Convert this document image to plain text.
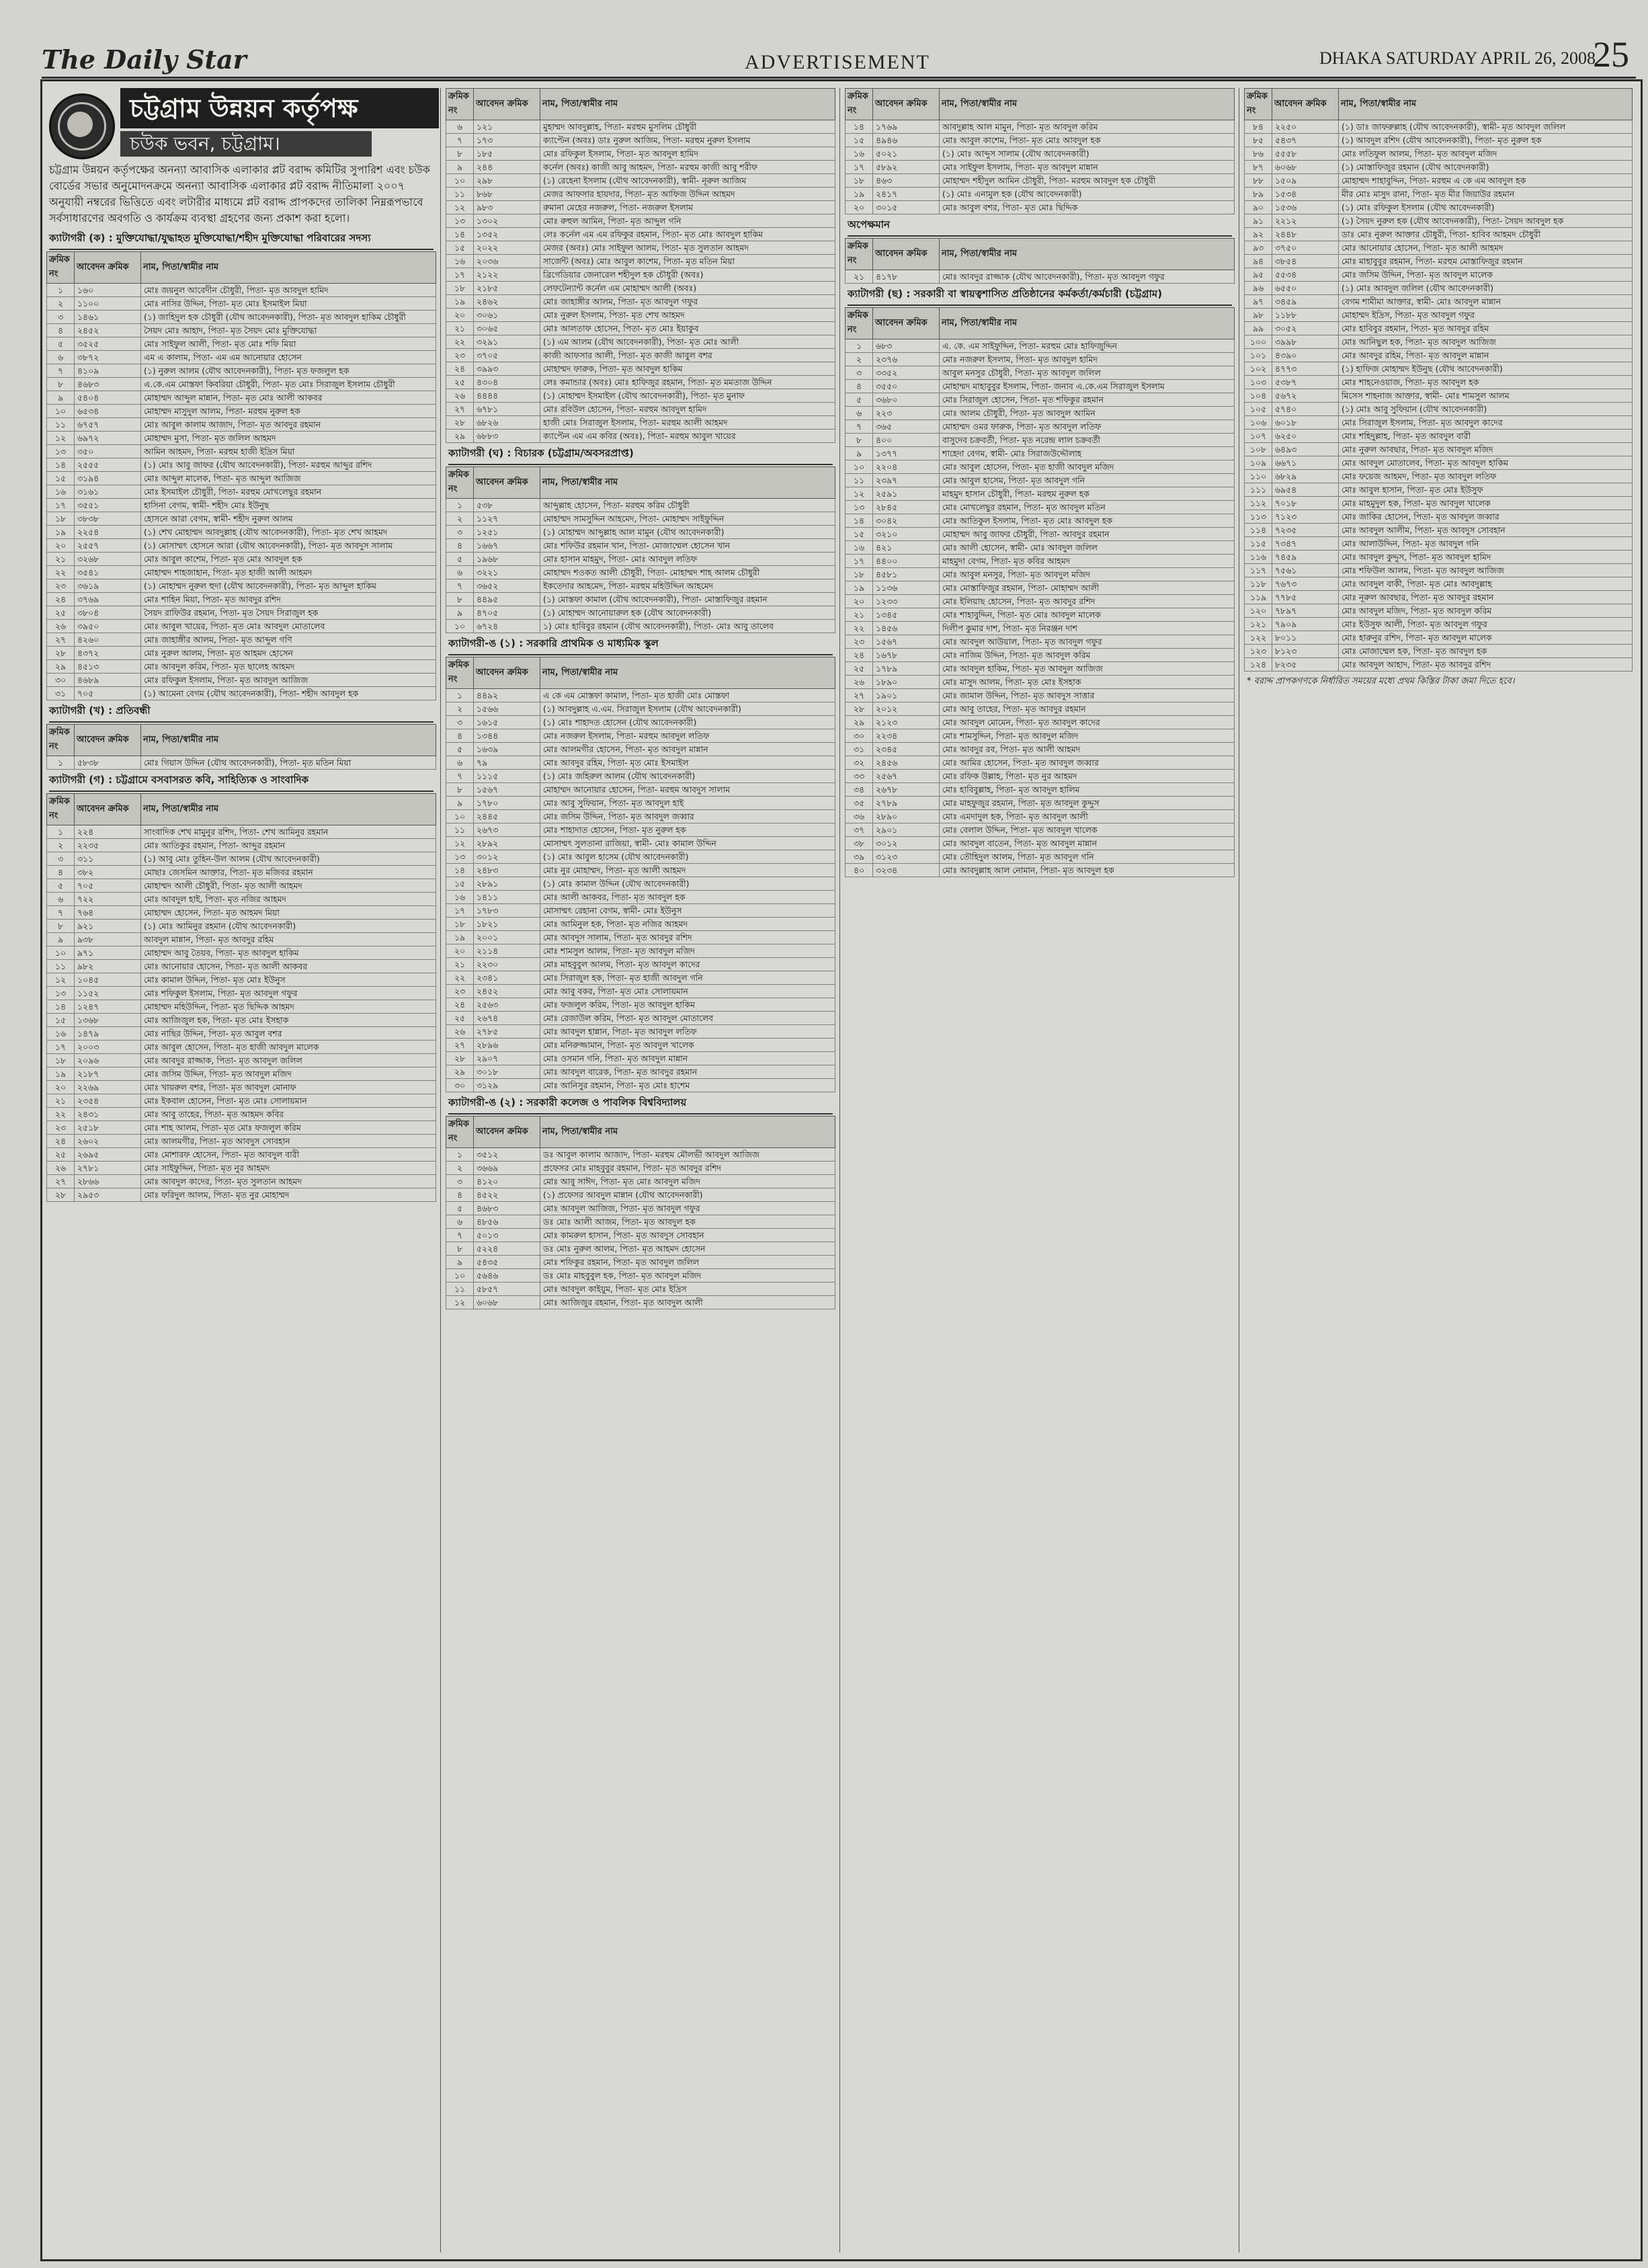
The Daily Star	ADVERTISEMENT	DHAKA SATURDAY APRIL 26, 2008
25
চট্টগ্রাম উন্নয়ন কর্তৃপক্ষ
চউক ভবন, চট্টগ্রাম।
চট্টগ্রাম উন্নয়ন কর্তৃপক্ষের অনন্যা আবাসিক এলাকার প্লট বরাদ্দ কমিটির সুপারিশ এবং চউক বোর্ডের সভার অনুমোদনক্রমে অনন্যা আবাসিক এলাকার প্লট বরাদ্দ নীতিমালা ২০০৭ অনুযায়ী নম্বরের ভিত্তিতে এবং লটারীর মাধ্যমে প্লট বরাদ্দ প্রাপকদের তালিকা নিম্নরূপভাবে সর্বসাধারণের অবগতি ও কার্যক্রম ব্যবস্থা গ্রহণের জন্য প্রকাশ করা হলো।
ক্যাটাগরী (ক) : মুক্তিযোদ্ধা/যুদ্ধাহত মুক্তিযোদ্ধা/শহীদ মুক্তিযোদ্ধা পরিবারের সদস্য
ক্রমিক নং	আবেদন ক্রমিক	নাম, পিতা/স্বামীর নাম
১	১৬০	মোঃ জয়নুল আবেদীন চৌধুরী, পিতা- মৃত আবদুল হামিদ
২	১১০০	মোঃ নাসির উদ্দিন, পিতা- মৃত মোঃ ইসমাইল মিয়া
৩	১৪৬১	(১) জাহিদুল হক চৌধুরী (যৌথ আবেদনকারী), পিতা- মৃত আবদুল হাকিম চৌধুরী
৪	২৪৫২	সৈয়দ মোঃ আহাদ, পিতা- মৃত সৈয়দ মোঃ মুক্তিযোদ্ধা
৫	৩৫২৫	মোঃ সাইফুল আলী, পিতা- মৃত মোঃ শফি মিয়া
৬	৩৮৭২	এম এ কালাম, পিতা- এম এম আনোয়ার হোসেন
৭	৪১০৯	(১) নুরুল আলম (যৌথ আবেদনকারী), পিতা- মৃত ফজলুল হক
৮	৪৬৮৩	এ.কে.এম মোস্তফা কিবরিয়া চৌধুরী, পিতা- মৃত মোঃ সিরাজুল ইসলাম চৌধুরী
৯	৫৪০৪	মোহাম্মদ আব্দুল মান্নান, পিতা- মৃত মোঃ আলী আকবর
১০	৬৫৩৪	মোহাম্মদ মাসুদুল আলম, পিতা- মরহুম নুরুল হক
১১	৬৭৫৭	মোঃ আবুল কালাম আজাদ, পিতা- মৃত আবদুর রহমান
১২	৬৯৭২	মোহাম্মদ মুসা, পিতা- মৃত জলিল আহমদ
১৩	৩৫০	আমিন আহমদ, পিতা- মরহুম হাজী ইদ্রিস মিয়া
১৪	২৫৫৫	(১) মোঃ আবু জাফর (যৌথ আবেদনকারী), পিতা- মরহুম আব্দুর রশিদ
১৫	৩১৯৪	মোঃ আব্দুল মালেক, পিতা- মৃত আব্দুল আজিজ
১৬	৩১৬১	মোঃ ইসমাইল চৌধুরী, পিতা- মরহুম মোখলেছুর রহমান
১৭	৩৫৫১	হাসিনা বেগম, স্বামী- শহীদ মোঃ ইউনুছ
১৮	৩৮৩৮	হোসনে আরা বেগম, স্বামী- শহীদ নুরুল আলম
১৯	২২৫৪	(১) শেখ মোহাম্মদ আবদুল্লাহ (যৌথ আবেদনকারী), পিতা- মৃত শেখ আহমদ
২০	২৫৫৭	(১) মোসাম্মৎ হোসনে আরা (যৌথ আবেদনকারী), পিতা- মৃত আবদুস সালাম
২১	৩২৬৮	মোঃ আবুল কাশেম, পিতা- মৃত মোঃ আবদুল হক
২২	৩৫৪১	মোহাম্মদ শাহজাহান, পিতা- মৃত হাজী আলী আহমদ
২৩	৩৬১৯	(১) মোহাম্মদ নুরুল হুদা (যৌথ আবেদনকারী), পিতা- মৃত আব্দুল হাকিম
২৪	৩৭৬৯	মোঃ শাহিন মিয়া, পিতা- মৃত আবদুর রশিদ
২৫	৩৮০৪	সৈয়দ রাফিউর রহমান, পিতা- মৃত সৈয়দ সিরাজুল হক
২৬	৩৯৫০	মোঃ আবুল খায়ের, পিতা- মৃত মোঃ আবদুল মোতালেব
২৭	৪২৬০	মোঃ জাহাঙ্গীর আলম, পিতা- মৃত আব্দুল গণি
২৮	৪৩৭২	মোঃ নুরুল আলম, পিতা- মৃত আহমদ হোসেন
২৯	৪৫১৩	মোঃ আবদুল করিম, পিতা- মৃত ছালেহ আহমদ
৩০	৪৬৮৯	মোঃ রফিকুল ইসলাম, পিতা- মৃত আবদুল আজিজ
৩১	৭০৫	(১) আমেনা বেগম (যৌথ আবেদনকারী), পিতা- শহীদ আবদুল হক
ক্যাটাগরী (খ) : প্রতিবন্ধী
ক্রমিক নং	আবেদন ক্রমিক	নাম, পিতা/স্বামীর নাম
১	৫৮৩৮	মোঃ গিয়াস উদ্দিন (যৌথ আবেদনকারী), পিতা- মৃত মতিন মিয়া
ক্যাটাগরী (গ) : চট্টগ্রামে বসবাসরত কবি, সাহিত্যিক ও সাংবাদিক
ক্রমিক নং	আবেদন ক্রমিক	নাম, পিতা/স্বামীর নাম
১	২২৪	সাংবাদিক শেখ মামুনুর রশিদ, পিতা- শেখ আমিনুর রহমান
২	২২৩৫	মোঃ আতিকুর রহমান, পিতা- আব্দুর রহমান
৩	৩১১	(১) আবু মোঃ তুহিন-উল আলম (যৌথ আবেদনকারী)
৪	৩৮২	মোছাঃ জেসমিন আক্তার, পিতা- মৃত মজিবর রহমান
৫	৭০৫	মোহাম্মদ আলী চৌধুরী, পিতা- মৃত আলী আহমদ
৬	৭২২	মোঃ আবদুল হাই, পিতা- মৃত নজির আহমদ
৭	৭৬৪	মোহাম্মদ হোসেন, পিতা- মৃত আহমদ মিয়া
৮	৯২১	(১) মোঃ আমিনুর রহমান (যৌথ আবেদনকারী)
৯	৯৩৮	আবদুল মান্নান, পিতা- মৃত আবদুর রহিম
১০	৯৭১	মোহাম্মদ আবু তৈয়ব, পিতা- মৃত আবদুল হাকিম
১১	৯৮২	মোঃ আনোয়ার হোসেন, পিতা- মৃত আলী আকবর
১২	১০৪৫	মোঃ কামাল উদ্দিন, পিতা- মৃত মোঃ ইউনুস
১৩	১১৫২	মোঃ শফিকুল ইসলাম, পিতা- মৃত আবদুল গফুর
১৪	১২৪৭	মোহাম্মদ মহিউদ্দিন, পিতা- মৃত ছিদ্দিক আহমদ
১৫	১৩৬৮	মোঃ আজিজুল হক, পিতা- মৃত মোঃ ইসহাক
১৬	১৪৭৯	মোঃ নাছির উদ্দিন, পিতা- মৃত আবুল বশর
১৭	২০০৩	মোঃ আবুল হোসেন, পিতা- মৃত হাজী আবদুল মালেক
১৮	২০৯৬	মোঃ আবদুর রাজ্জাক, পিতা- মৃত আবদুল জলিল
১৯	২১৮৭	মোঃ জসিম উদ্দিন, পিতা- মৃত আবদুল মজিদ
২০	২২৬৯	মোঃ খায়রুল বশর, পিতা- মৃত আবদুল মোনাফ
২১	২৩৫৪	মোঃ ইকবাল হোসেন, পিতা- মৃত মোঃ সোলায়মান
২২	২৪৩১	মোঃ আবু তাহের, পিতা- মৃত আহমদ কবির
২৩	২৫১৮	মোঃ শাহ আলম, পিতা- মৃত মোঃ ফজলুল করিম
২৪	২৬০২	মোঃ আলমগীর, পিতা- মৃত আবদুস সোবহান
২৫	২৬৯৫	মোঃ মোশারফ হোসেন, পিতা- মৃত আবদুল বারী
২৬	২৭৮১	মোঃ সাইফুদ্দিন, পিতা- মৃত নুর আহমদ
২৭	২৮৬৬	মোঃ আবদুল কাদের, পিতা- মৃত সুলতান আহমদ
২৮	২৯৫৩	মোঃ ফরিদুল আলম, পিতা- মৃত নুর মোহাম্মদ
ক্রমিক নং	আবেদন ক্রমিক	নাম, পিতা/স্বামীর নাম
৬	১২১	মুহাম্মদ আবদুল্লাহ, পিতা- মরহুম মুসলিম চৌধুরী
৭	১৭৩	ক্যাপ্টেন (অবঃ) ডাঃ নুরুল আজিম, পিতা- মরহুম নুরুল ইসলাম
৮	১৮৫	মোঃ রফিকুল ইসলাম, পিতা- মৃত আবদুল হামিদ
৯	২৪৪	কর্নেল (অবঃ) কাজী আবু আহমদ, পিতা- মরহুম কাজী আবু শরীফ
১০	২৯৮	(১) রেহেনা ইসলাম (যৌথ আবেদনকারী), স্বামী- নূরুল আজিম
১১	৮৬৮	মেজর আফসার হায়দার, পিতা- মৃত আফিজ উদ্দিন আহমদ
১২	৯৮৩	রুমানা মেহের নজরুল, পিতা- নজরুল ইসলাম
১৩	১৩০২	মোঃ রুহুল আমিন, পিতা- মৃত আব্দুল গনি
১৪	১৩৫২	লেঃ কর্নেল এম এম রফিকুর রহমান, পিতা- মৃত মোঃ আবদুল হাকিম
১৫	২০২২	মেজর (অবঃ) মোঃ সাইফুল আলম, পিতা- মৃত সুলতান আহমদ
১৬	২০৩৬	সার্জেন্ট (অবঃ) মোঃ আবুল কাশেম, পিতা- মৃত মতিন মিয়া
১৭	২১২২	ব্রিগেডিয়ার জেনারেল শহীদুল হক চৌধুরী (অবঃ)
১৮	২১৮৫	লেফটেন্যান্ট কর্নেল এম মোহাম্মদ আলী (অবঃ)
১৯	২৪৬২	মোঃ জাহাঙ্গীর আলম, পিতা- মৃত আবদুল গফুর
২০	৩০৬১	মোঃ নুরুল ইসলাম, পিতা- মৃত শেখ আহমদ
২১	৩০৬৫	মোঃ আলতাফ হোসেন, পিতা- মৃত মোঃ ইয়াকুব
২২	৩২৯১	(১) এম আলম (যৌথ আবেদনকারী), পিতা- মৃত মোঃ আলী
২৩	৩৭০৫	কাজী আফসার আলী, পিতা- মৃত কাজী আবুল বশর
২৪	৩৯৯৩	মোহাম্মদ ফারুক, পিতা- মৃত আবদুল হাকিম
২৫	৪৩০৪	লেঃ কমান্ডার (অবঃ) মোঃ হাফিজুর রহমান, পিতা- মৃত মমতাজ উদ্দিন
২৬	৪৪৪৪	(১) মোহাম্মদ ইসমাইল (যৌথ আবেদনকারী), পিতা- মৃত মুনাফ
২৭	৬৭৮১	মোঃ রবিউল হোসেন, পিতা- মরহুম আবদুল হামিদ
২৮	৬৮২৬	হাজী মোঃ সিরাজুল ইসলাম, পিতা- মরহুম আলী আহমদ
২৯	৬৮৮৩	ক্যাপ্টেন এম এম কবির (অবঃ), পিতা- মরহুম আবুল খায়ের
ক্যাটাগরী (ঘ) : বিচারক (চট্টগ্রাম/অবসরপ্রাপ্ত)
ক্রমিক নং	আবেদন ক্রমিক	নাম, পিতা/স্বামীর নাম
১	৫৩৮	আব্দুল্লাহ হোসেন, পিতা- মরহুম করিম চৌধুরী
২	১১২৭	মোহাম্মদ সামসুদ্দিন আহমেদ, পিতা- মোহাম্মদ সাইফুদ্দিন
৩	১২৫১	(১) মোহাম্মদ আব্দুল্লাহ আল মামুন (যৌথ আবেদনকারী)
৪	১৬৬৭	মোঃ শফিউর রহমান খান, পিতা- মোজাম্মেল হোসেন খান
৫	১৯৬৮	মোঃ হাসান মাহমুদ, পিতা- মোঃ আবদুল লতিফ
৬	৩২২১	মোহাম্মদ শওকত আলী চৌধুরী, পিতা- মোহাম্মদ শাহ আলম চৌধুরী
৭	৩৬৫২	ইকতেদার আহমেদ, পিতা- মরহুম মহিউদ্দিন আহমেদ
৮	৪৪৯৫	(১) মোস্তফা কামাল (যৌথ আবেদনকারী), পিতা- মোস্তাফিজুর রহমান
৯	৪৭০৫	(১) মোহাম্মদ আনোয়ারুল হক (যৌথ আবেদনকারী)
১০	৬৭২৪	১) মোঃ হাবিবুর রহমান (যৌথ আবেদনকারী), পিতা- মোঃ আবু তালেব
ক্যাটাগরী-ঙ (১) : সরকারি প্রাথমিক ও মাধ্যমিক স্কুল
ক্রমিক নং	আবেদন ক্রমিক	নাম, পিতা/স্বামীর নাম
১	৪৪৯২	এ কে এম মোস্তফা কামাল, পিতা- মৃত হাজী মোঃ মোস্তফা
২	১৫৬৬	(১) আবদুল্লাহ এ.এম. সিরাজুল ইসলাম (যৌথ আবেদনকারী)
৩	১৬১৫	(১) মোঃ শাহাদত হোসেন (যৌথ আবেদনকারী)
৪	১৩৪৪	মোঃ নজরুল ইসলাম, পিতা- মরহুম আবদুল লতিফ
৫	১৬৩৯	মোঃ আলমগীর হোসেন, পিতা- মৃত আবদুল মান্নান
৬	৭৯	মোঃ আবদুর রহিম, পিতা- মৃত মোঃ ইসমাইল
৭	১১১৫	(১) মোঃ জহিরুল আলম (যৌথ আবেদনকারী)
৮	১৫৬৭	মোহাম্মদ আনোয়ার হোসেন, পিতা- মরহুম আবদুস সালাম
৯	১৭৮০	মোঃ আবু সুফিয়ান, পিতা- মৃত আবদুল হাই
১০	২৪৪৫	মোঃ জসিম উদ্দিন, পিতা- মৃত আবদুল জব্বার
১১	২৬৭৩	মোঃ শাহাদাত হোসেন, পিতা- মৃত নুরুল হক
১২	২৮৯২	মোসাম্মৎ সুলতানা রাজিয়া, স্বামী- মোঃ কামাল উদ্দিন
১৩	৩০১২	(১) মোঃ আবুল হাসেম (যৌথ আবেদনকারী)
১৪	২৪৮৩	মোঃ নুর মোহাম্মদ, পিতা- মৃত আলী আহমদ
১৫	২৮৯১	(১) মোঃ কামাল উদ্দিন (যৌথ আবেদনকারী)
১৬	১৪১১	মোঃ আলী আকবর, পিতা- মৃত আবদুল হক
১৭	১৭৮৩	মোসাম্মৎ রেহানা বেগম, স্বামী- মোঃ ইউনুস
১৮	১৮২১	মোঃ আমিনুল হক, পিতা- মৃত নজির আহমদ
১৯	২০০১	মোঃ আবদুস সালাম, পিতা- মৃত আবদুর রশিদ
২০	২১১৪	মোঃ শামসুল আলম, পিতা- মৃত আবদুল মজিদ
২১	২২৩০	মোঃ মাহবুবুল আলম, পিতা- মৃত আবদুল কাদের
২২	২৩৪১	মোঃ সিরাজুল হক, পিতা- মৃত হাজী আবদুল গনি
২৩	২৪৫২	মোঃ আবু বকর, পিতা- মৃত মোঃ সোলায়মান
২৪	২৫৬৩	মোঃ ফজলুল করিম, পিতা- মৃত আবদুল হাকিম
২৫	২৬৭৪	মোঃ রেজাউল করিম, পিতা- মৃত আবদুল মোতালেব
২৬	২৭৮৫	মোঃ আবদুল হান্নান, পিতা- মৃত আবদুল লতিফ
২৭	২৮৯৬	মোঃ মনিরুজ্জামান, পিতা- মৃত আবদুল খালেক
২৮	২৯০৭	মোঃ ওসমান গনি, পিতা- মৃত আবদুল মান্নান
২৯	৩০১৮	মোঃ আবদুল বারেক, পিতা- মৃত আবদুর রহমান
৩০	৩১২৯	মোঃ আনিসুর রহমান, পিতা- মৃত মোঃ হাশেম
ক্যাটাগরী-ঙ (২) : সরকারী কলেজ ও পাবলিক বিশ্ববিদ্যালয়
ক্রমিক নং	আবেদন ক্রমিক	নাম, পিতা/স্বামীর নাম
১	৩৫১২	ডঃ আবুল কালাম আজাদ, পিতা- মরহুম মৌলভী আবদুল আজিজ
২	৩৬৬৯	প্রফেসর মোঃ মাহবুবুর রহমান, পিতা- মৃত আবদুর রশিদ
৩	৪১২০	মোঃ আবু সাঈদ, পিতা- মৃত মোঃ আবদুল মজিদ
৪	৪৫২২	(১) প্রফেসর আবদুল মান্নান (যৌথ আবেদনকারী)
৫	৪৬৮৩	মোঃ আবদুল আজিজ, পিতা- মৃত আবদুল গফুর
৬	৪৮৫৬	ডঃ মোঃ আলী আজম, পিতা- মৃত আবদুল হক
৭	৫০১৩	মোঃ কামরুল হাসান, পিতা- মৃত আবদুস সোবহান
৮	৫২২৪	ডঃ মোঃ নুরুল আলম, পিতা- মৃত আহমদ হোসেন
৯	৫৪৩৫	মোঃ শফিকুর রহমান, পিতা- মৃত আবদুল জলিল
১০	৫৬৪৬	ডঃ মোঃ মাহবুবুল হক, পিতা- মৃত আবদুল মজিদ
১১	৫৮৫৭	মোঃ আবদুল কাইয়ুম, পিতা- মৃত মোঃ ইদ্রিস
১২	৬০৬৮	মোঃ আজিজুর রহমান, পিতা- মৃত আবদুল আলী
ক্রমিক নং	আবেদন ক্রমিক	নাম, পিতা/স্বামীর নাম
১৪	১৭৬৯	আবদুল্লাহ আল মামুন, পিতা- মৃত আবদুল করিম
১৫	৪৯৪৬	মোঃ আবুল কাশেম, পিতা- মৃত মোঃ আবদুল হক
১৬	৫০২১	(১) মোঃ আব্দুস সালাম (যৌথ আবেদনকারী)
১৭	৫৮৯২	মোঃ সাইফুল ইসলাম, পিতা- মৃত আবদুল মান্নান
১৮	৪৬৩	মোহাম্মদ শহীদুল আমিন চৌধুরী, পিতা- মরহুম আবদুল হক চৌধুরী
১৯	২৪১৭	(১) মোঃ এনামুল হক (যৌথ আবেদনকারী)
২০	৩০১৫	মোঃ আবুল বশর, পিতা- মৃত মোঃ ছিদ্দিক
অপেক্ষমান
ক্রমিক নং	আবেদন ক্রমিক	নাম, পিতা/স্বামীর নাম
২১	৪১৭৮	মোঃ আবদুর রাজ্জাক (যৌথ আবেদনকারী), পিতা- মৃত আবদুল গফুর
ক্যাটাগরী (ছ) : সরকারী বা স্বায়ত্বশাসিত প্রতিষ্ঠানের কর্মকর্তা/কর্মচারী (চট্টগ্রাম)
ক্রমিক নং	আবেদন ক্রমিক	নাম, পিতা/স্বামীর নাম
১	৬৮৩	এ. কে. এম সাইফুদ্দিন, পিতা- মরহুম মোঃ হাফিজুদ্দিন
২	২৩৭৬	মোঃ নজরুল ইসলাম, পিতা- মৃত আবদুল হামিদ
৩	৩৩৫২	আবুল মনসুর চৌধুরী, পিতা- মৃত আবদুল জলিল
৪	৩৫৫০	মোহাম্মদ মাহাবুবুর ইসলাম, পিতা- জনাব এ.কে.এম সিরাজুল ইসলাম
৫	৩৬৮০	মোঃ সিরাজুল হোসেন, পিতা- মৃত শফিকুর রহমান
৬	২২৩	মোঃ আলম চৌধুরী, পিতা- মৃত আবদুল আমিন
৭	৩৬৫	মোহাম্মদ ওমর ফারুক, পিতা- মৃত আবদুল লতিফ
৮	৪০০	বাসুদেব চক্রবর্তী, পিতা- মৃত নরেন্দ্র লাল চক্রবর্তী
৯	১৩৭৭	শাহেদা বেগম, স্বামী- মোঃ সিরাজউদ্দৌলাহ
১০	২২০৪	মোঃ আবুল হোসেন, পিতা- মৃত হাজী আবদুল মজিদ
১১	২৩৯৭	মোঃ আবুল হাসেম, পিতা- মৃত আবদুল গনি
১২	২৫৯১	মাহমুদ হাসান চৌধুরী, পিতা- মরহুম নুরুল হক
১৩	২৮৪৫	মোঃ মোখলেছুর রহমান, পিতা- মৃত আবদুল মতিন
১৪	৩০৪২	মোঃ আতিকুল ইসলাম, পিতা- মৃত মোঃ আবদুল হক
১৫	৩২১০	মোহাম্মদ আবু জাফর চৌধুরী, পিতা- আবদুর রহমান
১৬	৪২১	মোঃ আলী হোসেন, স্বামী- মোঃ আবদুল জলিল
১৭	৪৪০০	মাহমুদা বেগম, পিতা- মৃত কবির আহমদ
১৮	৪৫৮১	মোঃ আবুল মনসুর, পিতা- মৃত আবদুল মজিদ
১৯	১১৩৬	মোঃ মোস্তাফিজুর রহমান, পিতা- মোহাম্মদ আলী
২০	১২৩৩	মোঃ ইলিয়াছ হোসেন, পিতা- মৃত আবদুর রশিদ
২১	১৩৪৫	মোঃ শাহাবুদ্দিন, পিতা- মৃত মোঃ আবদুল মালেক
২২	১৪৫৬	দিলীপ কুমার দাশ, পিতা- মৃত নিরঞ্জন দাশ
২৩	১৫৬৭	মোঃ আবদুল আউয়াল, পিতা- মৃত আবদুল গফুর
২৪	১৬৭৮	মোঃ নাজিম উদ্দিন, পিতা- মৃত আবদুল করিম
২৫	১৭৮৯	মোঃ আবদুল হাকিম, পিতা- মৃত আবদুল আজিজ
২৬	১৮৯০	মোঃ মাসুদ আলম, পিতা- মৃত মোঃ ইসহাক
২৭	১৯০১	মোঃ জামাল উদ্দিন, পিতা- মৃত আবদুস সাত্তার
২৮	২০১২	মোঃ আবু তাহের, পিতা- মৃত আবদুর রহমান
২৯	২১২৩	মোঃ আবদুল মোমেন, পিতা- মৃত আবদুল কাদের
৩০	২২৩৪	মোঃ শামসুদ্দিন, পিতা- মৃত আবদুল মজিদ
৩১	২৩৪৫	মোঃ আবদুর রব, পিতা- মৃত আলী আহমদ
৩২	২৪৫৬	মোঃ আমির হোসেন, পিতা- মৃত আবদুল জব্বার
৩৩	২৫৬৭	মোঃ রফিক উল্লাহ, পিতা- মৃত নুর আহমদ
৩৪	২৬৭৮	মোঃ হাবিবুল্লাহ, পিতা- মৃত আবদুল হালিম
৩৫	২৭৮৯	মোঃ মাহফুজুর রহমান, পিতা- মৃত আবদুল কুদ্দুস
৩৬	২৮৯০	মোঃ এমদাদুল হক, পিতা- মৃত আবদুল আলী
৩৭	২৯০১	মোঃ বেলাল উদ্দিন, পিতা- মৃত আবদুল খালেক
৩৮	৩০১২	মোঃ আবদুল বাতেন, পিতা- মৃত আবদুল মান্নান
৩৯	৩১২৩	মোঃ তৌহিদুল আলম, পিতা- মৃত আবদুল গনি
৪০	৩২৩৪	মোঃ আবদুল্লাহ আল নোমান, পিতা- মৃত আবদুল হক
ক্রমিক নং	আবেদন ক্রমিক	নাম, পিতা/স্বামীর নাম
৮৪	২২৫০	(১) ডাঃ জাফরুল্লাহ (যৌথ আবেদনকারী), স্বামী- মৃত আবদুল জলিল
৮৫	৫৪৩৭	(১) আবদুল রশিদ (যৌথ আবেদনকারী), পিতা- মৃত নুরুল হক
৮৬	৫৫৫৮	মোঃ লতিফুল আলম, পিতা- মৃত আবদুল মজিদ
৮৭	৬০৬৮	(১) মোস্তাফিজুর রহমান (যৌথ আবেদনকারী)
৮৮	১৫০৯	মোহাম্মদ শাহাবুদ্দিন, পিতা- মরহুম এ কে এম আবদুল হক
৮৯	১৫৩৪	মীর মোঃ মাসুদ রানা, পিতা- মৃত মীর জিয়াউর রহমান
৯০	১৫৩৬	(১) মোঃ রফিকুল ইসলাম (যৌথ আবেদনকারী)
৯১	২২১২	(১) সৈয়দ নুরুল হক (যৌথ আবেদনকারী), পিতা- সৈয়দ আবদুল হক
৯২	২৪৪৮	ডাঃ মোঃ নুরুল আক্তার চৌধুরী, পিতা- হাবিব আহমদ চৌধুরী
৯৩	৩৭৫০	মোঃ আনোয়ার হোসেন, পিতা- মৃত আলী আহমদ
৯৪	৩৮৫৪	মোঃ মাহাবুবুর রহমান, পিতা- মরহুম মোস্তাফিজুর রহমান
৯৫	৫৫৩৪	মোঃ জসিম উদ্দিন, পিতা- মৃত আবদুল মালেক
৯৬	৬৫৫০	(১) মোঃ আবদুল জলিল (যৌথ আবেদনকারী)
৯৭	৩৪৫৯	বেগম শামীমা আক্তার, স্বামী- মোঃ আবদুল মান্নান
৯৮	১১৮৮	মোহাম্মদ ইদ্রিস, পিতা- মৃত আবদুল গফুর
৯৯	৩০৫২	মোঃ হাবিবুর রহমান, পিতা- মৃত আবদুর রহিম
১০০	৩৯৯৮	মোঃ আনিছুল হক, পিতা- মৃত আবদুল আজিজ
১০১	৪৩৯০	মোঃ আবদুর রহিম, পিতা- মৃত আবদুল মান্নান
১০২	৪৭৭৩	(১) হাফিজ মোহাম্মদ ইউনুছ (যৌথ আবেদনকারী)
১০৩	৫৩৮৭	মোঃ শাহনেওয়াজ, পিতা- মৃত আবদুল হক
১০৪	৫৬৭২	মিসেস শাহনাজ আক্তার, স্বামী- মোঃ শামসুল আলম
১০৫	৫৭৪০	(১) মোঃ আবু সুফিয়ান (যৌথ আবেদনকারী)
১০৬	৬০১৮	মোঃ সিরাজুল ইসলাম, পিতা- মৃত আবদুল কাদের
১০৭	৬২৫০	মোঃ শহিদুল্লাহ, পিতা- মৃত আবদুল বারী
১০৮	৬৪৯৩	মোঃ নুরুল আবছার, পিতা- মৃত আবদুল মজিদ
১০৯	৬৬৭১	মোঃ আবদুল মোতালেব, পিতা- মৃত আবদুল হাকিম
১১০	৬৮২৯	মোঃ ফয়েজ আহমদ, পিতা- মৃত আবদুল লতিফ
১১১	৬৯৫৪	মোঃ আবুল হাসান, পিতা- মৃত মোঃ ইউসুফ
১১২	৭০১৮	মোঃ মাহমুদুল হক, পিতা- মৃত আবদুল খালেক
১১৩	৭১২৩	মোঃ জাকির হোসেন, পিতা- মৃত আবদুল জব্বার
১১৪	৭২৩৫	মোঃ আবদুল আলীম, পিতা- মৃত আবদুস সোবহান
১১৫	৭৩৪৭	মোঃ আলাউদ্দিন, পিতা- মৃত আবদুল গনি
১১৬	৭৪৫৯	মোঃ আবদুল কুদ্দুস, পিতা- মৃত আবদুল হামিদ
১১৭	৭৫৬১	মোঃ শফিউল আলম, পিতা- মৃত আবদুল আজিজ
১১৮	৭৬৭৩	মোঃ আবদুল বাকী, পিতা- মৃত মোঃ আবদুল্লাহ
১১৯	৭৭৮৫	মোঃ নূরুল আবছার, পিতা- মৃত আবদুর রহমান
১২০	৭৮৯৭	মোঃ আবদুল মজিদ, পিতা- মৃত আবদুল করিম
১২১	৭৯০৯	মোঃ ইউসুফ আলী, পিতা- মৃত আবদুল গফুর
১২২	৮০১১	মোঃ হারুনুর রশিদ, পিতা- মৃত আবদুল মালেক
১২৩	৮১২৩	মোঃ মোজাম্মেল হক, পিতা- মৃত আবদুল হক
১২৪	৮২৩৫	মোঃ আবদুল আহাদ, পিতা- মৃত আবদুর রশিদ
* বরাদ্দ প্রাপকগণকে নির্ধারিত সময়ের মধ্যে প্রথম কিস্তির টাকা জমা দিতে হবে।
